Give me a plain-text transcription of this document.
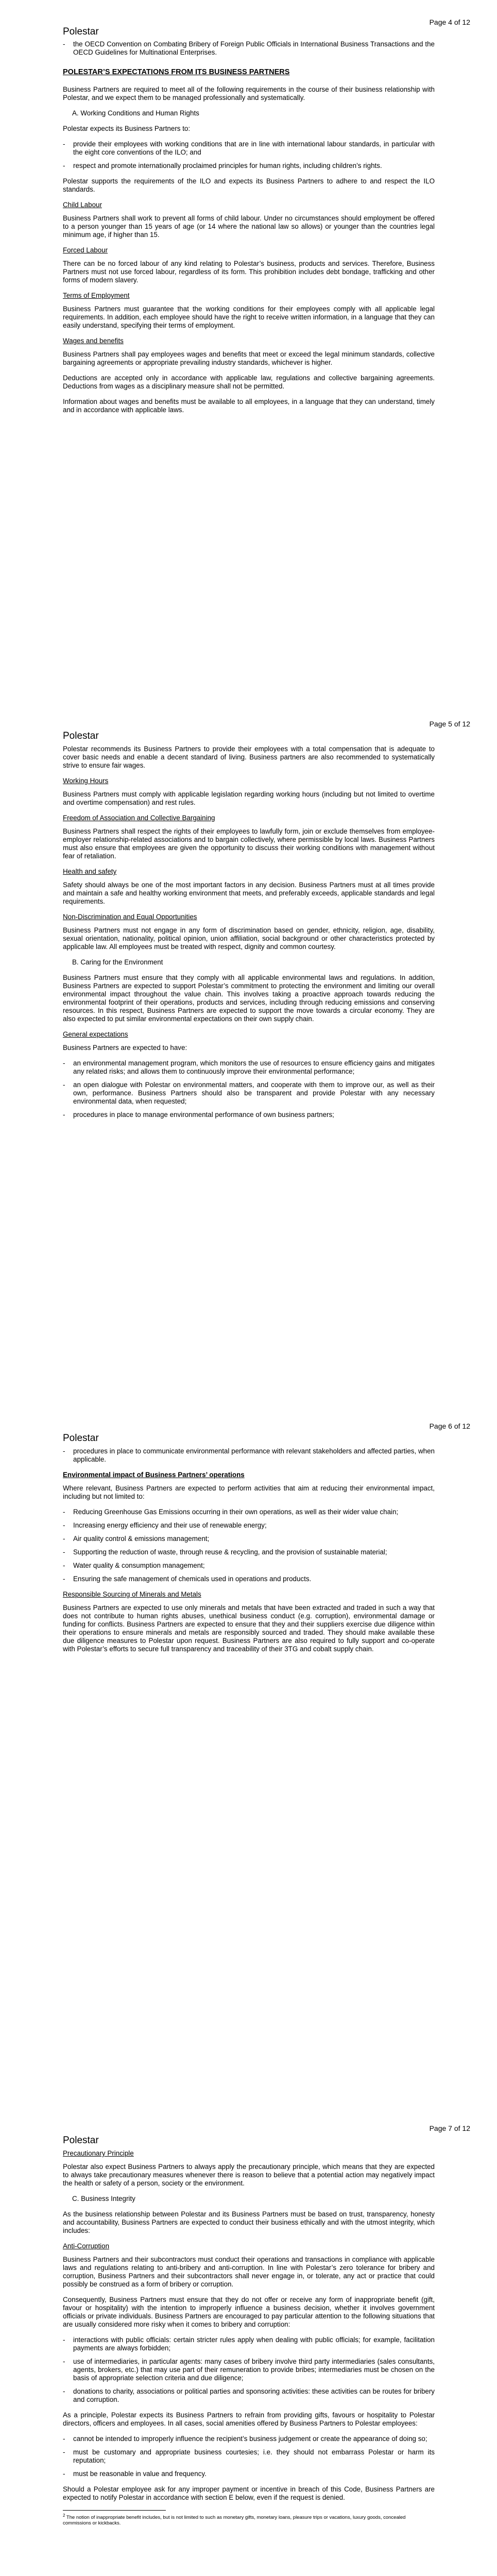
Page 4 of 12
Polestar
- the OECD Convention on Combating Bribery of Foreign Public Officials in International Business Transactions and the OECD Guidelines for Multinational Enterprises.
POLESTAR’S EXPECTATIONS FROM ITS BUSINESS PARTNERS

Business Partners are required to meet all of the following requirements in the course of their business relationship with Polestar, and we expect them to be managed professionally and systematically.

A. Working Conditions and Human Rights

Polestar expects its Business Partners to:

- provide their employees with working conditions that are in line with international labour standards, in particular with the eight core conventions of the ILO; and
- respect and promote internationally proclaimed principles for human rights, including children’s rights.

Polestar supports the requirements of the ILO and expects its Business Partners to adhere to and respect the ILO standards.

Child Labour

Business Partners shall work to prevent all forms of child labour. Under no circumstances should employment be offered to a person younger than 15 years of age (or 14 where the national law so allows) or younger than the countries legal minimum age, if higher than 15.

Forced Labour

There can be no forced labour of any kind relating to Polestar’s business, products and services. Therefore, Business Partners must not use forced labour, regardless of its form. This prohibition includes debt bondage, trafficking and other forms of modern slavery.

Terms of Employment

Business Partners must guarantee that the working conditions for their employees comply with all applicable legal requirements. In addition, each employee should have the right to receive written information, in a language that they can easily understand, specifying their terms of employment.

Wages and benefits

Business Partners shall pay employees wages and benefits that meet or exceed the legal minimum standards, collective bargaining agreements or appropriate prevailing industry standards, whichever is higher.

Deductions are accepted only in accordance with applicable law, regulations and collective bargaining agreements. Deductions from wages as a disciplinary measure shall not be permitted.

Information about wages and benefits must be available to all employees, in a language that they can understand, timely and in accordance with applicable laws.

Page 5 of 12
Polestar

Polestar recommends its Business Partners to provide their employees with a total compensation that is adequate to cover basic needs and enable a decent standard of living. Business partners are also recommended to systematically strive to ensure fair wages.

Working Hours

Business Partners must comply with applicable legislation regarding working hours (including but not limited to overtime and overtime compensation) and rest rules.

Freedom of Association and Collective Bargaining

Business Partners shall respect the rights of their employees to lawfully form, join or exclude themselves from employee-employer relationship-related associations and to bargain collectively, where permissible by local laws. Business Partners must also ensure that employees are given the opportunity to discuss their working conditions with management without fear of retaliation.

Health and safety

Safety should always be one of the most important factors in any decision. Business Partners must at all times provide and maintain a safe and healthy working environment that meets, and preferably exceeds, applicable standards and legal requirements.

Non-Discrimination and Equal Opportunities

Business Partners must not engage in any form of discrimination based on gender, ethnicity, religion, age, disability, sexual orientation, nationality, political opinion, union affiliation, social background or other characteristics protected by applicable law. All employees must be treated with respect, dignity and common courtesy.

B. Caring for the Environment

Business Partners must ensure that they comply with all applicable environmental laws and regulations. In addition, Business Partners are expected to support Polestar’s commitment to protecting the environment and limiting our overall environmental impact throughout the value chain. This involves taking a proactive approach towards reducing the environmental footprint of their operations, products and services, including through reducing emissions and conserving resources. In this respect, Business Partners are expected to support the move towards a circular economy. They are also expected to put similar environmental expectations on their own supply chain.

General expectations

Business Partners are expected to have:

- an environmental management program, which monitors the use of resources to ensure efficiency gains and mitigates any related risks; and allows them to continuously improve their environmental performance;
- an open dialogue with Polestar on environmental matters, and cooperate with them to improve our, as well as their own, performance. Business Partners should also be transparent and provide Polestar with any necessary environmental data, when requested;
- procedures in place to manage environmental performance of own business partners;
Page 6 of 12
Polestar
- procedures in place to communicate environmental performance with relevant stakeholders and affected parties, when applicable.
Environmental impact of Business Partners’ operations

Where relevant, Business Partners are expected to perform activities that aim at reducing their environmental impact, including but not limited to:

- Reducing Greenhouse Gas Emissions occurring in their own operations, as well as their wider value chain;
- Increasing energy efficiency and their use of renewable energy;
- Air quality control & emissions management;
- Supporting the reduction of waste, through reuse & recycling, and the provision of sustainable material;
- Water quality & consumption management;
- Ensuring the safe management of chemicals used in operations and products.
Responsible Sourcing of Minerals and Metals

Business Partners are expected to use only minerals and metals that have been extracted and traded in such a way that does not contribute to human rights abuses, unethical business conduct (e.g. corruption), environmental damage or funding for conflicts. Business Partners are expected to ensure that they and their suppliers exercise due diligence within their operations to ensure minerals and metals are responsibly sourced and traded. They should make available these due diligence measures to Polestar upon request. Business Partners are also required to fully support and co-operate with Polestar’s efforts to secure full transparency and traceability of their 3TG and cobalt supply chain.

Page 7 of 12
Polestar
Precautionary Principle

Polestar also expect Business Partners to always apply the precautionary principle, which means that they are expected to always take precautionary measures whenever there is reason to believe that a potential action may negatively impact the health or safety of a person, society or the environment.

C. Business Integrity

As the business relationship between Polestar and its Business Partners must be based on trust, transparency, honesty and accountability, Business Partners are expected to conduct their business ethically and with the utmost integrity, which includes:

Anti-Corruption

Business Partners and their subcontractors must conduct their operations and transactions in compliance with applicable laws and regulations relating to anti-bribery and anti-corruption. In line with Polestar’s zero tolerance for bribery and corruption, Business Partners and their subcontractors shall never engage in, or tolerate, any act or practice that could possibly be construed as a form of bribery or corruption.

Consequently, Business Partners must ensure that they do not offer or receive any form of inappropriate benefit (gift, favour or hospitality) with the intention to improperly influence a business decision, whether it involves government officials or private individuals. Business Partners are encouraged to pay particular attention to the following situations that are usually considered more risky when it comes to bribery and corruption:

- interactions with public officials: certain stricter rules apply when dealing with public officials; for example, facilitation payments are always forbidden;
- use of intermediaries, in particular agents: many cases of bribery involve third party intermediaries (sales consultants, agents, brokers, etc.) that may use part of their remuneration to provide bribes; intermediaries must be chosen on the basis of appropriate selection criteria and due diligence;
- donations to charity, associations or political parties and sponsoring activities: these activities can be routes for bribery and corruption.

As a principle, Polestar expects its Business Partners to refrain from providing gifts, favours or hospitality to Polestar directors, officers and employees. In all cases, social amenities offered by Business Partners to Polestar employees:

- cannot be intended to improperly influence the recipient’s business judgement or create the appearance of doing so;
- must be customary and appropriate business courtesies; i.e. they should not embarrass Polestar or harm its reputation;
- must be reasonable in value and frequency.

Should a Polestar employee ask for any improper payment or incentive in breach of this Code, Business Partners are expected to notify Polestar in accordance with section E below, even if the request is denied.

$^2$ The notion of inappropriate benefit includes, but is not limited to such as monetary gifts, monetary loans, pleasure trips or vacations, luxury goods, concealed commissions or kickbacks.
